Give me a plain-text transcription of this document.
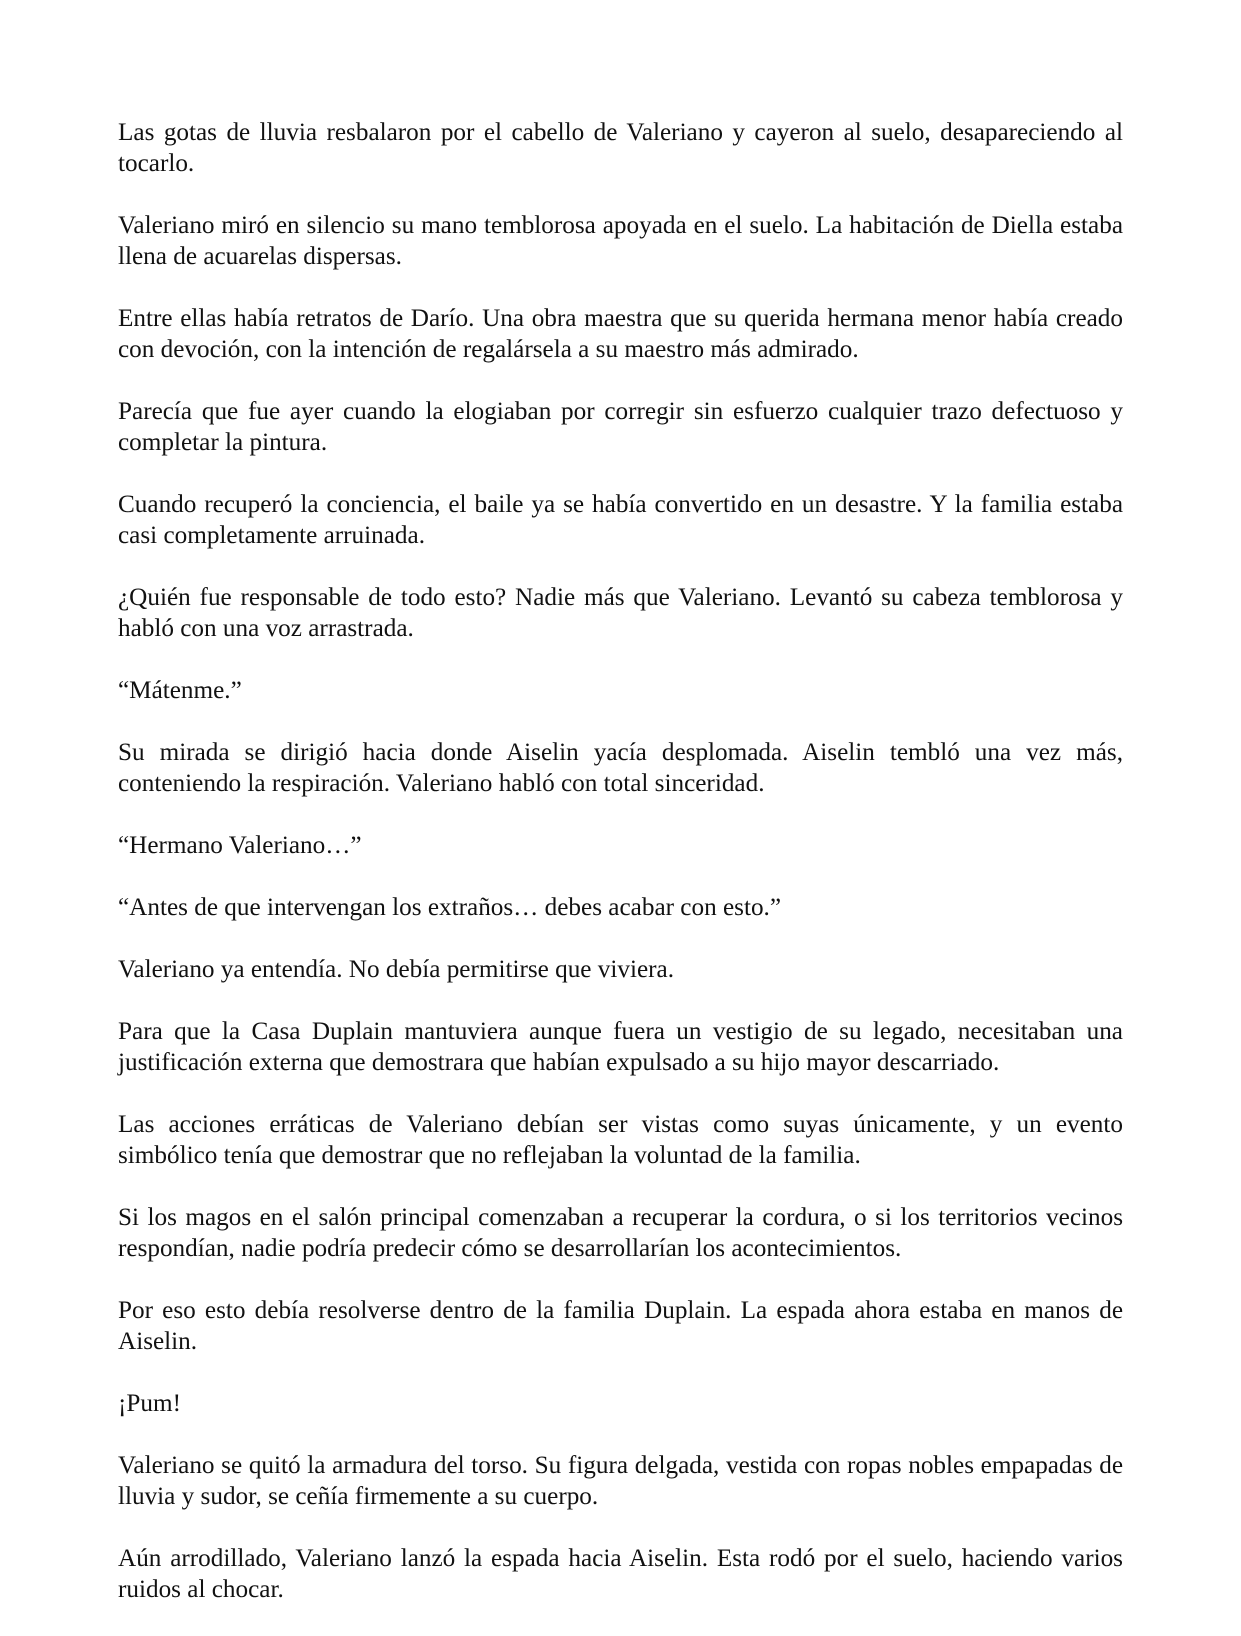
Las gotas de lluvia resbalaron por el cabello de Valeriano y cayeron al suelo, desapareciendo al tocarlo.

Valeriano miró en silencio su mano temblorosa apoyada en el suelo. La habitación de Diella estaba llena de acuarelas dispersas.

Entre ellas había retratos de Darío. Una obra maestra que su querida hermana menor había creado con devoción, con la intención de regalársela a su maestro más admirado.

Parecía que fue ayer cuando la elogiaban por corregir sin esfuerzo cualquier trazo defectuoso y completar la pintura.

Cuando recuperó la conciencia, el baile ya se había convertido en un desastre. Y la familia estaba casi completamente arruinada.

¿Quién fue responsable de todo esto? Nadie más que Valeriano. Levantó su cabeza temblorosa y habló con una voz arrastrada.

“Mátenme.”

Su mirada se dirigió hacia donde Aiselin yacía desplomada. Aiselin tembló una vez más, conteniendo la respiración. Valeriano habló con total sinceridad.

“Hermano Valeriano…”

“Antes de que intervengan los extraños… debes acabar con esto.”

Valeriano ya entendía. No debía permitirse que viviera.

Para que la Casa Duplain mantuviera aunque fuera un vestigio de su legado, necesitaban una justificación externa que demostrara que habían expulsado a su hijo mayor descarriado.

Las acciones erráticas de Valeriano debían ser vistas como suyas únicamente, y un evento simbólico tenía que demostrar que no reflejaban la voluntad de la familia.

Si los magos en el salón principal comenzaban a recuperar la cordura, o si los territorios vecinos respondían, nadie podría predecir cómo se desarrollarían los acontecimientos.

Por eso esto debía resolverse dentro de la familia Duplain. La espada ahora estaba en manos de Aiselin.

¡Pum!

Valeriano se quitó la armadura del torso. Su figura delgada, vestida con ropas nobles empapadas de lluvia y sudor, se ceñía firmemente a su cuerpo.

Aún arrodillado, Valeriano lanzó la espada hacia Aiselin. Esta rodó por el suelo, haciendo varios ruidos al chocar.
